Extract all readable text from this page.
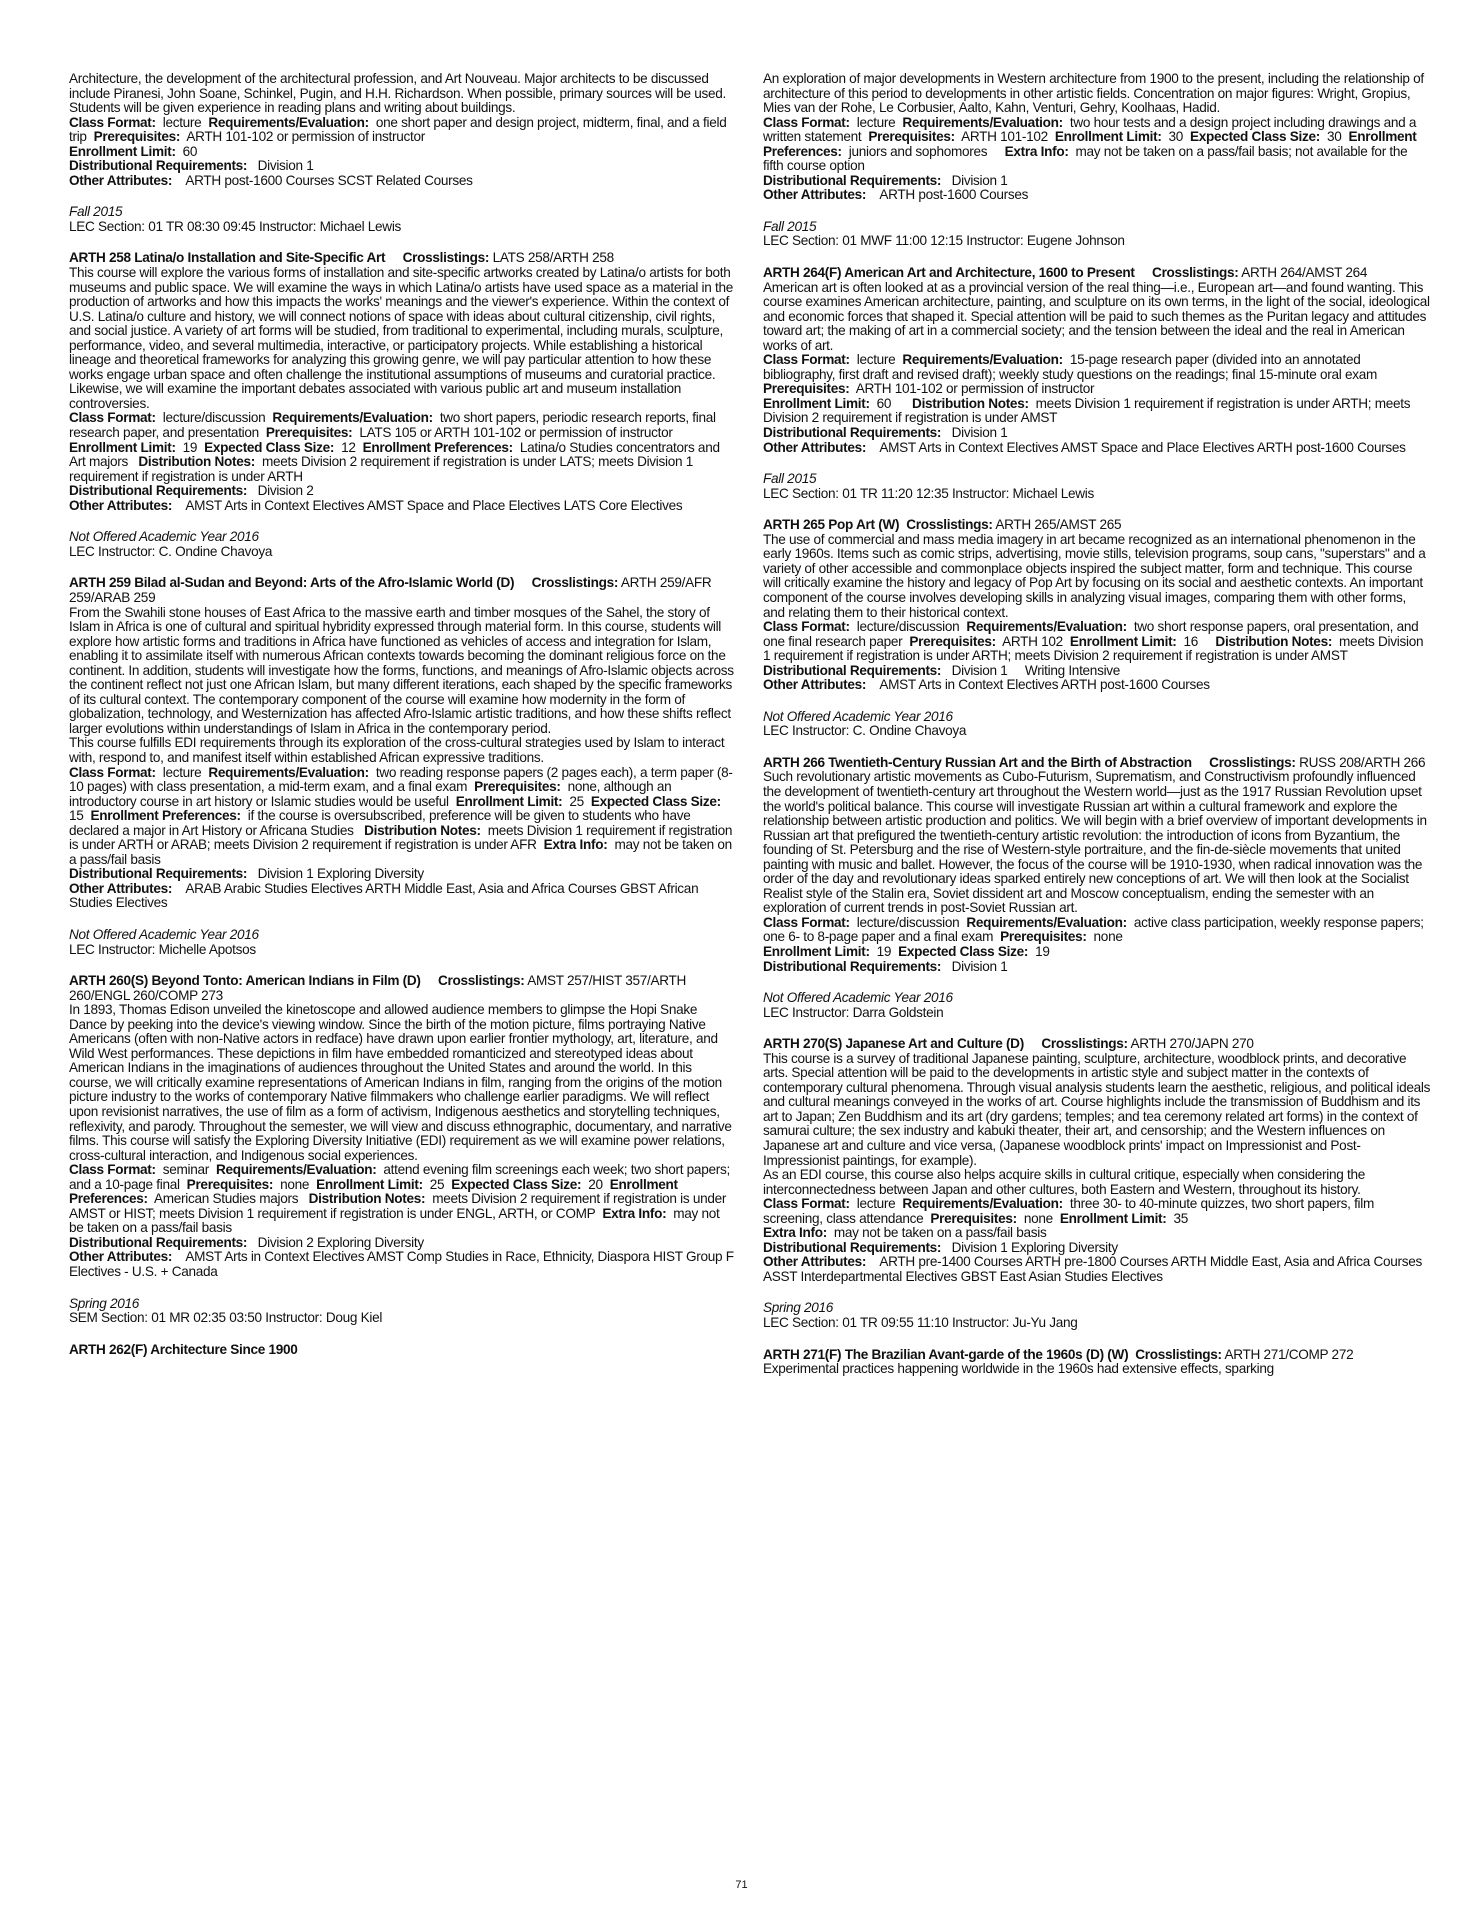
Architecture, the development of the architectural profession, and Art Nouveau. Major architects to be discussed include Piranesi, John Soane, Schinkel, Pugin, and H.H. Richardson. When possible, primary sources will be used. Students will be given experience in reading plans and writing about buildings.

Class Format: lecture Requirements/Evaluation: one short paper and design project, midterm, final, and a field trip Prerequisites: ARTH 101-102 or permission of instructor

Enrollment Limit: 60

Distributional Requirements: Division 1

Other Attributes: ARTH post-1600 Courses SCST Related Courses

Fall 2015

LEC Section: 01 TR 08:30 09:45 Instructor: Michael Lewis

ARTH 258 Latina/o Installation and Site-Specific Art Crosslistings: LATS 258/ARTH 258

This course will explore the various forms of installation and site-specific artworks created by Latina/o artists for both museums and public space. We will examine the ways in which Latina/o artists have used space as a material in the production of artworks and how this impacts the works' meanings and the viewer's experience. Within the context of U.S. Latina/o culture and history, we will connect notions of space with ideas about cultural citizenship, civil rights, and social justice. A variety of art forms will be studied, from traditional to experimental, including murals, sculpture, performance, video, and several multimedia, interactive, or participatory projects. While establishing a historical lineage and theoretical frameworks for analyzing this growing genre, we will pay particular attention to how these works engage urban space and often challenge the institutional assumptions of museums and curatorial practice. Likewise, we will examine the important debates associated with various public art and museum installation controversies.

Class Format: lecture/discussion Requirements/Evaluation: two short papers, periodic research reports, final research paper, and presentation Prerequisites: LATS 105 or ARTH 101-102 or permission of instructor  Enrollment Limit: 19 Expected Class Size: 12 Enrollment Preferences: Latina/o Studies concentrators and Art majors Distribution Notes: meets Division 2 requirement if registration is under LATS; meets Division 1 requirement if registration is under ARTH

Distributional Requirements: Division 2

Other Attributes: AMST Arts in Context Electives AMST Space and Place Electives LATS Core Electives

Not Offered Academic Year 2016

LEC Instructor: C. Ondine Chavoya

ARTH 259 Bilad al-Sudan and Beyond: Arts of the Afro-Islamic World (D) Crosslistings: ARTH 259/AFR 259/ARAB 259

From the Swahili stone houses of East Africa to the massive earth and timber mosques of the Sahel, the story of Islam in Africa is one of cultural and spiritual hybridity expressed through material form. In this course, students will explore how artistic forms and traditions in Africa have functioned as vehicles of access and integration for Islam, enabling it to assimilate itself with numerous African contexts towards becoming the dominant religious force on the continent. In addition, students will investigate how the forms, functions, and meanings of Afro-Islamic objects across the continent reflect not just one African Islam, but many different iterations, each shaped by the specific frameworks of its cultural context. The contemporary component of the course will examine how modernity in the form of globalization, technology, and Westernization has affected Afro-Islamic artistic traditions, and how these shifts reflect larger evolutions within understandings of Islam in Africa in the contemporary period.

This course fulfills EDI requirements through its exploration of the cross-cultural strategies used by Islam to interact with, respond to, and manifest itself within established African expressive traditions.

Class Format: lecture Requirements/Evaluation: two reading response papers (2 pages each), a term paper (8-10 pages) with class presentation, a mid-term exam, and a final exam Prerequisites: none, although an introductory course in art history or Islamic studies would be useful Enrollment Limit: 25 Expected Class Size:  15 Enrollment Preferences: if the course is oversubscribed, preference will be given to students who have declared a major in Art History or Africana Studies Distribution Notes: meets Division 1 requirement if registration is under ARTH or ARAB; meets Division 2 requirement if registration is under AFR Extra Info: may not be taken on a pass/fail basis

Distributional Requirements: Division 1 Exploring Diversity

Other Attributes: ARAB Arabic Studies Electives ARTH Middle East, Asia and Africa Courses GBST African Studies Electives

Not Offered Academic Year 2016

LEC Instructor: Michelle Apotsos

ARTH 260(S) Beyond Tonto: American Indians in Film (D) Crosslistings: AMST 257/HIST 357/ARTH 260/ENGL 260/COMP 273

In 1893, Thomas Edison unveiled the kinetoscope and allowed audience members to glimpse the Hopi Snake Dance by peeking into the device's viewing window. Since the birth of the motion picture, films portraying Native Americans (often with non-Native actors in redface) have drawn upon earlier frontier mythology, art, literature, and Wild West performances. These depictions in film have embedded romanticized and stereotyped ideas about American Indians in the imaginations of audiences throughout the United States and around the world. In this course, we will critically examine representations of American Indians in film, ranging from the origins of the motion picture industry to the works of contemporary Native filmmakers who challenge earlier paradigms. We will reflect upon revisionist narratives, the use of film as a form of activism, Indigenous aesthetics and storytelling techniques, reflexivity, and parody. Throughout the semester, we will view and discuss ethnographic, documentary, and narrative films. This course will satisfy the Exploring Diversity Initiative (EDI) requirement as we will examine power relations, cross-cultural interaction, and Indigenous social experiences.

Class Format: seminar Requirements/Evaluation: attend evening film screenings each week; two short papers; and a 10-page final Prerequisites: none Enrollment Limit: 25 Expected Class Size: 20 Enrollment Preferences: American Studies majors Distribution Notes: meets Division 2 requirement if registration is under AMST or HIST; meets Division 1 requirement if registration is under ENGL, ARTH, or COMP Extra Info: may not be taken on a pass/fail basis

Distributional Requirements: Division 2 Exploring Diversity

Other Attributes: AMST Arts in Context Electives AMST Comp Studies in Race, Ethnicity, Diaspora HIST Group F Electives - U.S. + Canada

Spring 2016

SEM Section: 01 MR 02:35 03:50 Instructor: Doug Kiel

ARTH 262(F) Architecture Since 1900

An exploration of major developments in Western architecture from 1900 to the present, including the relationship of architecture of this period to developments in other artistic fields. Concentration on major figures: Wright, Gropius, Mies van der Rohe, Le Corbusier, Aalto, Kahn, Venturi, Gehry, Koolhaas, Hadid.

Class Format: lecture Requirements/Evaluation: two hour tests and a design project including drawings and a written statement Prerequisites: ARTH 101-102 Enrollment Limit: 30 Expected Class Size: 30 Enrollment Preferences: juniors and sophomores Extra Info: may not be taken on a pass/fail basis; not available for the fifth course option

Distributional Requirements: Division 1

Other Attributes: ARTH post-1600 Courses

Fall 2015

LEC Section: 01 MWF 11:00 12:15 Instructor: Eugene Johnson

ARTH 264(F) American Art and Architecture, 1600 to Present Crosslistings: ARTH 264/AMST 264

American art is often looked at as a provincial version of the real thing—i.e., European art—and found wanting. This course examines American architecture, painting, and sculpture on its own terms, in the light of the social, ideological and economic forces that shaped it. Special attention will be paid to such themes as the Puritan legacy and attitudes toward art; the making of art in a commercial society; and the tension between the ideal and the real in American works of art.

Class Format: lecture Requirements/Evaluation: 15-page research paper (divided into an annotated bibliography, first draft and revised draft); weekly study questions on the readings; final 15-minute oral exam  Prerequisites: ARTH 101-102 or permission of instructor

Enrollment Limit: 60 Distribution Notes: meets Division 1 requirement if registration is under ARTH; meets Division 2 requirement if registration is under AMST

Distributional Requirements: Division 1

Other Attributes: AMST Arts in Context Electives AMST Space and Place Electives ARTH post-1600 Courses

Fall 2015

LEC Section: 01 TR 11:20 12:35 Instructor: Michael Lewis

ARTH 265 Pop Art (W) Crosslistings: ARTH 265/AMST 265

The use of commercial and mass media imagery in art became recognized as an international phenomenon in the early 1960s. Items such as comic strips, advertising, movie stills, television programs, soup cans, "superstars" and a variety of other accessible and commonplace objects inspired the subject matter, form and technique. This course will critically examine the history and legacy of Pop Art by focusing on its social and aesthetic contexts. An important component of the course involves developing skills in analyzing visual images, comparing them with other forms, and relating them to their historical context.

Class Format: lecture/discussion Requirements/Evaluation: two short response papers, oral presentation, and one final research paper Prerequisites: ARTH 102 Enrollment Limit: 16 Distribution Notes: meets Division 1 requirement if registration is under ARTH; meets Division 2 requirement if registration is under AMST

Distributional Requirements: Division 1     Writing Intensive

Other Attributes: AMST Arts in Context Electives ARTH post-1600 Courses

Not Offered Academic Year 2016

LEC Instructor: C. Ondine Chavoya

ARTH 266 Twentieth-Century Russian Art and the Birth of Abstraction Crosslistings: RUSS 208/ARTH 266

Such revolutionary artistic movements as Cubo-Futurism, Suprematism, and Constructivism profoundly influenced the development of twentieth-century art throughout the Western world—just as the 1917 Russian Revolution upset the world's political balance. This course will investigate Russian art within a cultural framework and explore the relationship between artistic production and politics. We will begin with a brief overview of important developments in Russian art that prefigured the twentieth-century artistic revolution: the introduction of icons from Byzantium, the founding of St. Petersburg and the rise of Western-style portraiture, and the fin-de-siècle movements that united painting with music and ballet. However, the focus of the course will be 1910-1930, when radical innovation was the order of the day and revolutionary ideas sparked entirely new conceptions of art. We will then look at the Socialist Realist style of the Stalin era, Soviet dissident art and Moscow conceptualism, ending the semester with an exploration of current trends in post-Soviet Russian art.

Class Format: lecture/discussion Requirements/Evaluation: active class participation, weekly response papers; one 6- to 8-page paper and a final exam Prerequisites: none

Enrollment Limit: 19 Expected Class Size: 19

Distributional Requirements: Division 1

Not Offered Academic Year 2016

LEC Instructor: Darra Goldstein

ARTH 270(S) Japanese Art and Culture (D) Crosslistings: ARTH 270/JAPN 270

This course is a survey of traditional Japanese painting, sculpture, architecture, woodblock prints, and decorative arts. Special attention will be paid to the developments in artistic style and subject matter in the contexts of contemporary cultural phenomena. Through visual analysis students learn the aesthetic, religious, and political ideals and cultural meanings conveyed in the works of art. Course highlights include the transmission of Buddhism and its art to Japan; Zen Buddhism and its art (dry gardens; temples; and tea ceremony related art forms) in the context of samurai culture; the sex industry and kabuki theater, their art, and censorship; and the Western influences on Japanese art and culture and vice versa, (Japanese woodblock prints' impact on Impressionist and Post-Impressionist paintings, for example).

As an EDI course, this course also helps acquire skills in cultural critique, especially when considering the interconnectedness between Japan and other cultures, both Eastern and Western, throughout its history.

Class Format: lecture Requirements/Evaluation: three 30- to 40-minute quizzes, two short papers, film screening, class attendance Prerequisites: none Enrollment Limit: 35

Extra Info: may not be taken on a pass/fail basis

Distributional Requirements: Division 1 Exploring Diversity

Other Attributes: ARTH pre-1400 Courses ARTH pre-1800 Courses ARTH Middle East, Asia and Africa Courses ASST Interdepartmental Electives GBST East Asian Studies Electives

Spring 2016

LEC Section: 01 TR 09:55 11:10 Instructor: Ju-Yu Jang

ARTH 271(F) The Brazilian Avant-garde of the 1960s (D) (W) Crosslistings: ARTH 271/COMP 272

Experimental practices happening worldwide in the 1960s had extensive effects, sparking

71
